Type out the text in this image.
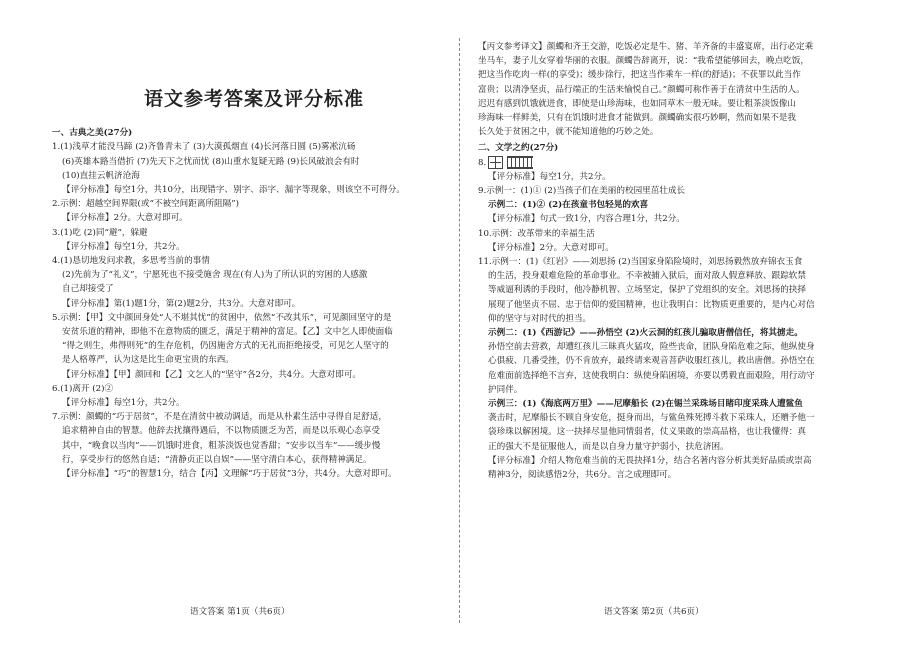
语文参考答案及评分标准
一、古典之美(27分)
1.(1)浅草才能没马蹄 (2)齐鲁青未了 (3)大漠孤烟直 (4)长河落日圆 (5)雾凇沆砀
(6)英雄本路当借折 (7)先天下之忧而忧 (8)山重水复疑无路 (9)长风破浪会有时
(10)直挂云帆济沧海
【评分标准】每空1分，共10分，出现错字、别字、添字、漏字等现象，则该空不可得分。
2.示例：超越空间界限(或“不被空间距离所阻隔”)
【评分标准】2分。大意对即可。
3.(1)吃 (2)同“避”，躲避
【评分标准】每空1分，共2分。
4.(1)恳切地发问求教，多思考当前的事情
(2)先前为了“礼义”，宁愿死也不接受施舍 现在(有人)为了所认识的穷困的人感激
自己却接受了
【评分标准】第(1)题1分，第(2)题2分，共3分。大意对即可。
5.示例：【甲】文中颜回身处“人不堪其忧”的贫困中，依然“不改其乐”，可见颜回坚守的是
安贫乐道的精神，即他不在意物质的匮乏，满足于精神的富足。【乙】文中乞人即使面临
“得之则生，弗得则死”的生存危机，仍因施舍方式的无礼而拒绝接受，可见乞人坚守的
是人格尊严，认为这是比生命更宝贵的东西。
【评分标准】【甲】颜回和【乙】文乞人的“坚守”各2分，共4分。大意对即可。
6.(1)离开 (2)②
【评分标准】每空1分，共2分。
7.示例：颜蠋的“巧于居贫”，不是在清贫中被动调适，而是从朴素生活中寻得自足舒适，
追求精神自由的智慧。他辞去扰攘得遇后，不以物质匮乏为苦，而是以乐观心态享受
其中，“晚食以当肉”——饥饿时进食，粗茶淡饭也觉香甜；“安步以当车”——缓步慢
行，享受步行的悠然自适；“清静贞正以自娱”——坚守清白本心，获得精神满足。
【评分标准】“巧”的智慧1分，结合【丙】文理解“巧于居贫”3分，共4分。大意对即可。
【丙文参考译文】颜蠋和齐王交游，吃饭必定是牛、猪、羊齐备的丰盛宴席，出行必定乘
坐马车，妻子儿女穿着华丽的衣服。颜蠋告辞离开，说：“我希望能够回去，晚点吃饭，
把这当作吃肉一样(的享受)；缓步徐行，把这当作乘车一样(的舒适)；不获罪以此当作
富贵；以清净坚贞，品行端正的生活来愉悦自己。”颜蠋可称作善于在清贫中生活的人。
迟迟有感到饥饿就进食，即使是山珍海味，也如同草木一般无味。要让粗茶淡饭像山
珍海味一样鲜美，只有在饥饿时进食才能做到。颜蠋确实很巧妙啊，然而如果不是我
长久处于贫困之中，就不能知道他的巧妙之处。
二、文学之约(27分)
8.
【评分标准】每空1分，共2分。
9.示例一：(1)① (2)当孩子们在美丽的校园里茁壮成长
示例二：(1)② (2)在孩童书包轻晃的欢喜
【评分标准】句式一致1分，内容合理1分，共2分。
10.示例：改革带来的幸福生活
【评分标准】2分。大意对即可。
11.示例一：(1)《红岩》——刘思扬 (2)当国家身陷险境时，刘思扬毅然放弃锦衣玉食
的生活，投身艰难危险的革命事业。不幸被捕入狱后，面对敌人假意释放、跟踪软禁
等威逼利诱的手段时，他冷静机智、立场坚定，保护了党组织的安全。刘思扬的抉择
展现了他坚贞不屈、忠于信仰的爱国精神，也让我明白：比物质更重要的，是内心对信
仰的坚守与对时代的担当。
示例二：(1)《西游记》——孙悟空 (2)火云洞的红孩儿骗取唐僧信任，将其掳走。
孙悟空前去营救，却遭红孩儿三昧真火猛攻，险些丧命，团队身陷危难之际，他纵使身
心俱疲、几番受挫，仍不肯放弃，最终请来观音菩萨收服红孩儿，救出唐僧。孙悟空在
危难面前选择绝不言弃，这使我明白：纵使身陷困境，亦要以勇毅直面艰险，用行动守
护同伴。
示例三：(1)《海底两万里》——尼摩船长 (2)在锡兰采珠场目睹印度采珠人遭鲨鱼
袭击时，尼摩船长不顾自身安危，挺身而出，与鲨鱼殊死搏斗救下采珠人，还赠予他一
袋珍珠以解困境。这一抉择尽显他同情弱者，仗义果敢的崇高品格，也让我懂得：真
正的强大不是征服他人，而是以自身力量守护弱小，扶危济困。
【评分标准】介绍人物危难当前的无畏抉择1分，结合名著内容分析其美好品质或崇高
精神3分，阅读感悟2分，共6分。言之成理即可。
语文答案 第1页（共6页）	语文答案 第2页（共6页）
